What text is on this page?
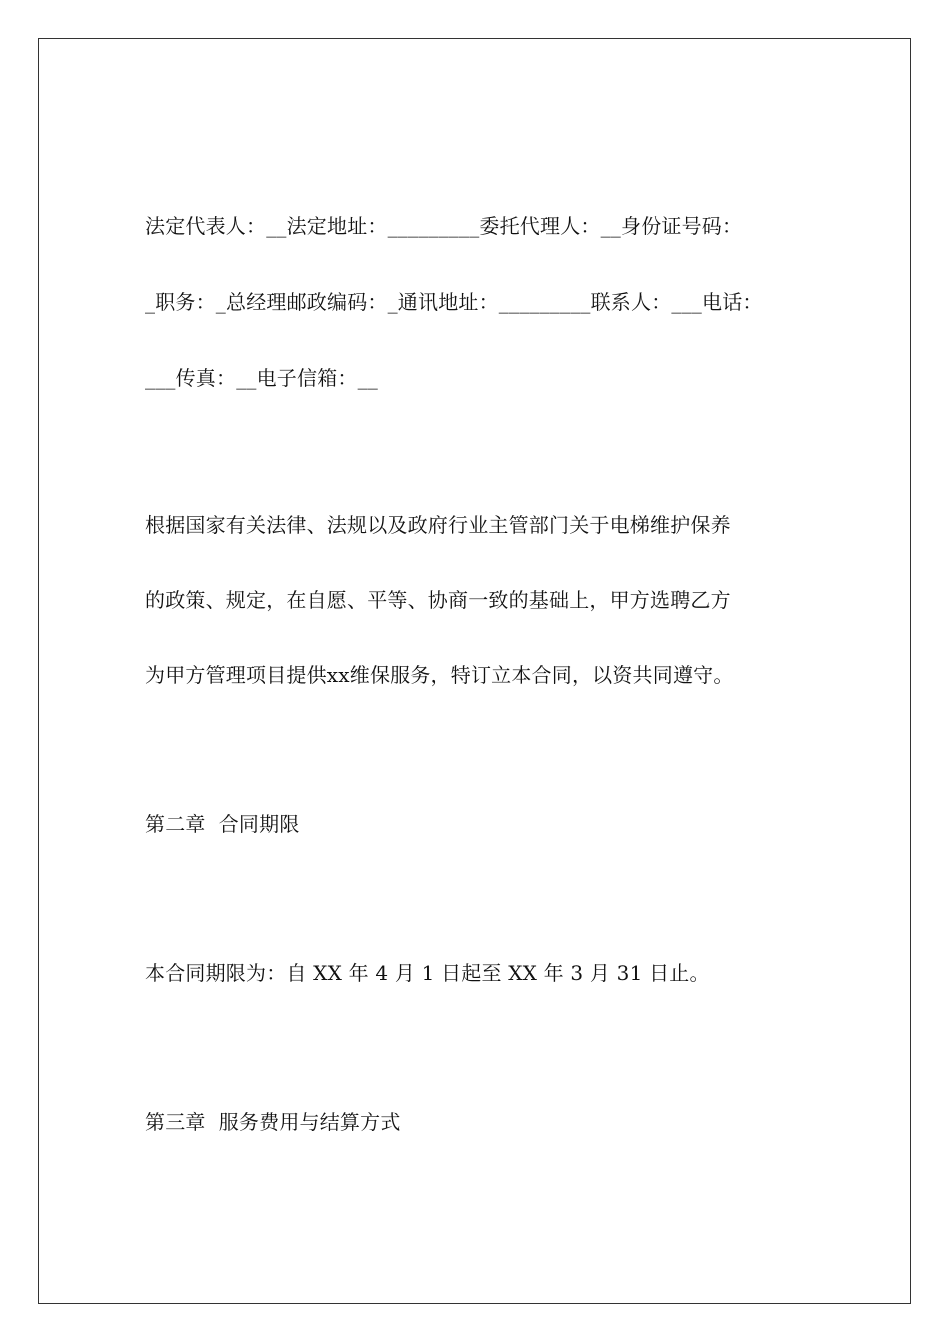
法定代表人：__法定地址：_________委托代理人：__身份证号码：
_职务：_总经理邮政编码：_通讯地址：_________联系人：___电话：
___传真：__电子信箱：__
根据国家有关法律、法规以及政府行业主管部门关于电梯维护保养
的政策、规定，在自愿、平等、协商一致的基础上，甲方选聘乙方
为甲方管理项目提供xx维保服务，特订立本合同，以资共同遵守。
第二章  合同期限
本合同期限为：自 XX 年 4 月 1 日起至 XX 年 3 月 31 日止。
第三章  服务费用与结算方式
